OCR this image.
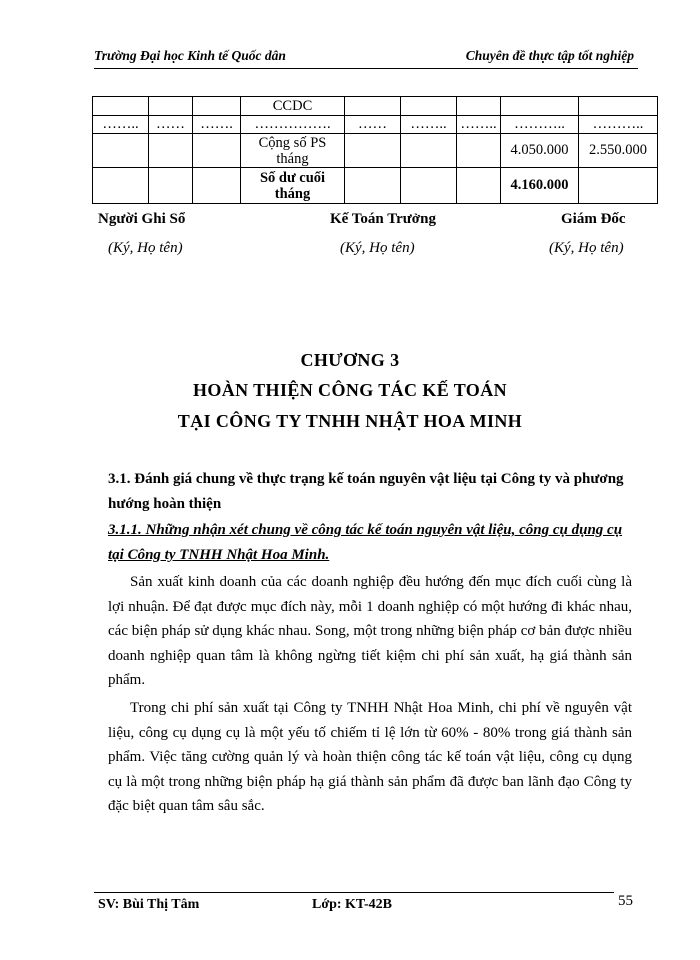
Trường Đại học Kinh tế Quốc dân	Chuyên đề thực tập tốt nghiệp
			CCDC					
……..	……	…….	…………….	……	……..	……..	………..	………..
			Cộng số PS tháng				4.050.000	2.550.000
			Số dư cuối tháng				4.160.000	
Người Ghi Sổ	Kế Toán Trưởng	Giám Đốc
(Ký, Họ tên)	(Ký, Họ tên)	(Ký, Họ tên)
CHƯƠNG 3
HOÀN THIỆN CÔNG TÁC KẾ TOÁN
TẠI CÔNG TY TNHH NHẬT HOA MINH
3.1. Đánh giá chung về thực trạng kế toán nguyên vật liệu tại Công ty và phương hướng hoàn thiện
3.1.1. Những nhận xét chung về công tác kế toán nguyên vật liệu, công cụ dụng cụ tại Công ty TNHH Nhật Hoa Minh.

Sản xuất kinh doanh của các doanh nghiệp đều hướng đến mục đích cuối cùng là lợi nhuận. Để đạt được mục đích này, mỗi 1 doanh nghiệp có một hướng đi khác nhau, các biện pháp sử dụng khác nhau. Song, một trong những biện pháp cơ bản được nhiều doanh nghiệp quan tâm là không ngừng tiết kiệm chi phí sản xuất, hạ giá thành sản phẩm.

Trong chi phí sản xuất tại Công ty TNHH Nhật Hoa Minh, chi phí về nguyên vật liệu, công cụ dụng cụ là một yếu tố chiếm tỉ lệ lớn từ 60% - 80% trong giá thành sản phẩm. Việc tăng cường quản lý và hoàn thiện công tác kế toán vật liệu, công cụ dụng cụ là một trong những biện pháp hạ giá thành sản phẩm đã được ban lãnh đạo Công ty đặc biệt quan tâm sâu sắc.

SV: Bùi Thị Tâm	Lớp: KT-42B	55
